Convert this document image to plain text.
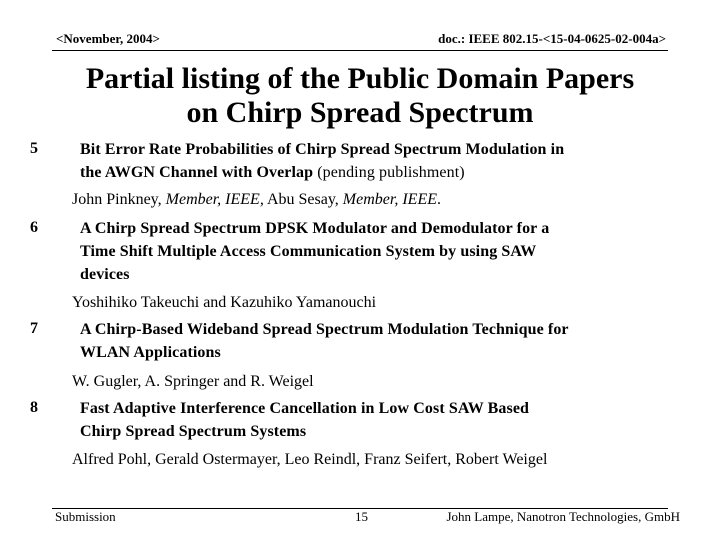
<November, 2004>	doc.: IEEE 802.15-<15-04-0625-02-004a>
Partial listing of the Public Domain Papers
on Chirp Spread Spectrum
5	Bit Error Rate Probabilities of Chirp Spread Spectrum Modulation in
the AWGN Channel with Overlap (pending publishment)
John Pinkney, Member, IEEE, Abu Sesay, Member, IEEE.
6	A Chirp Spread Spectrum DPSK Modulator and Demodulator for a
Time Shift Multiple Access Communication System by using SAW
devices
Yoshihiko Takeuchi and Kazuhiko Yamanouchi
7	A Chirp-Based Wideband Spread Spectrum Modulation Technique for
WLAN Applications
W. Gugler, A. Springer and R. Weigel
8	Fast Adaptive Interference Cancellation in Low Cost SAW Based
Chirp Spread Spectrum Systems
Alfred Pohl, Gerald Ostermayer, Leo Reindl, Franz Seifert, Robert Weigel
Submission	15	John Lampe, Nanotron Technologies, GmbH
